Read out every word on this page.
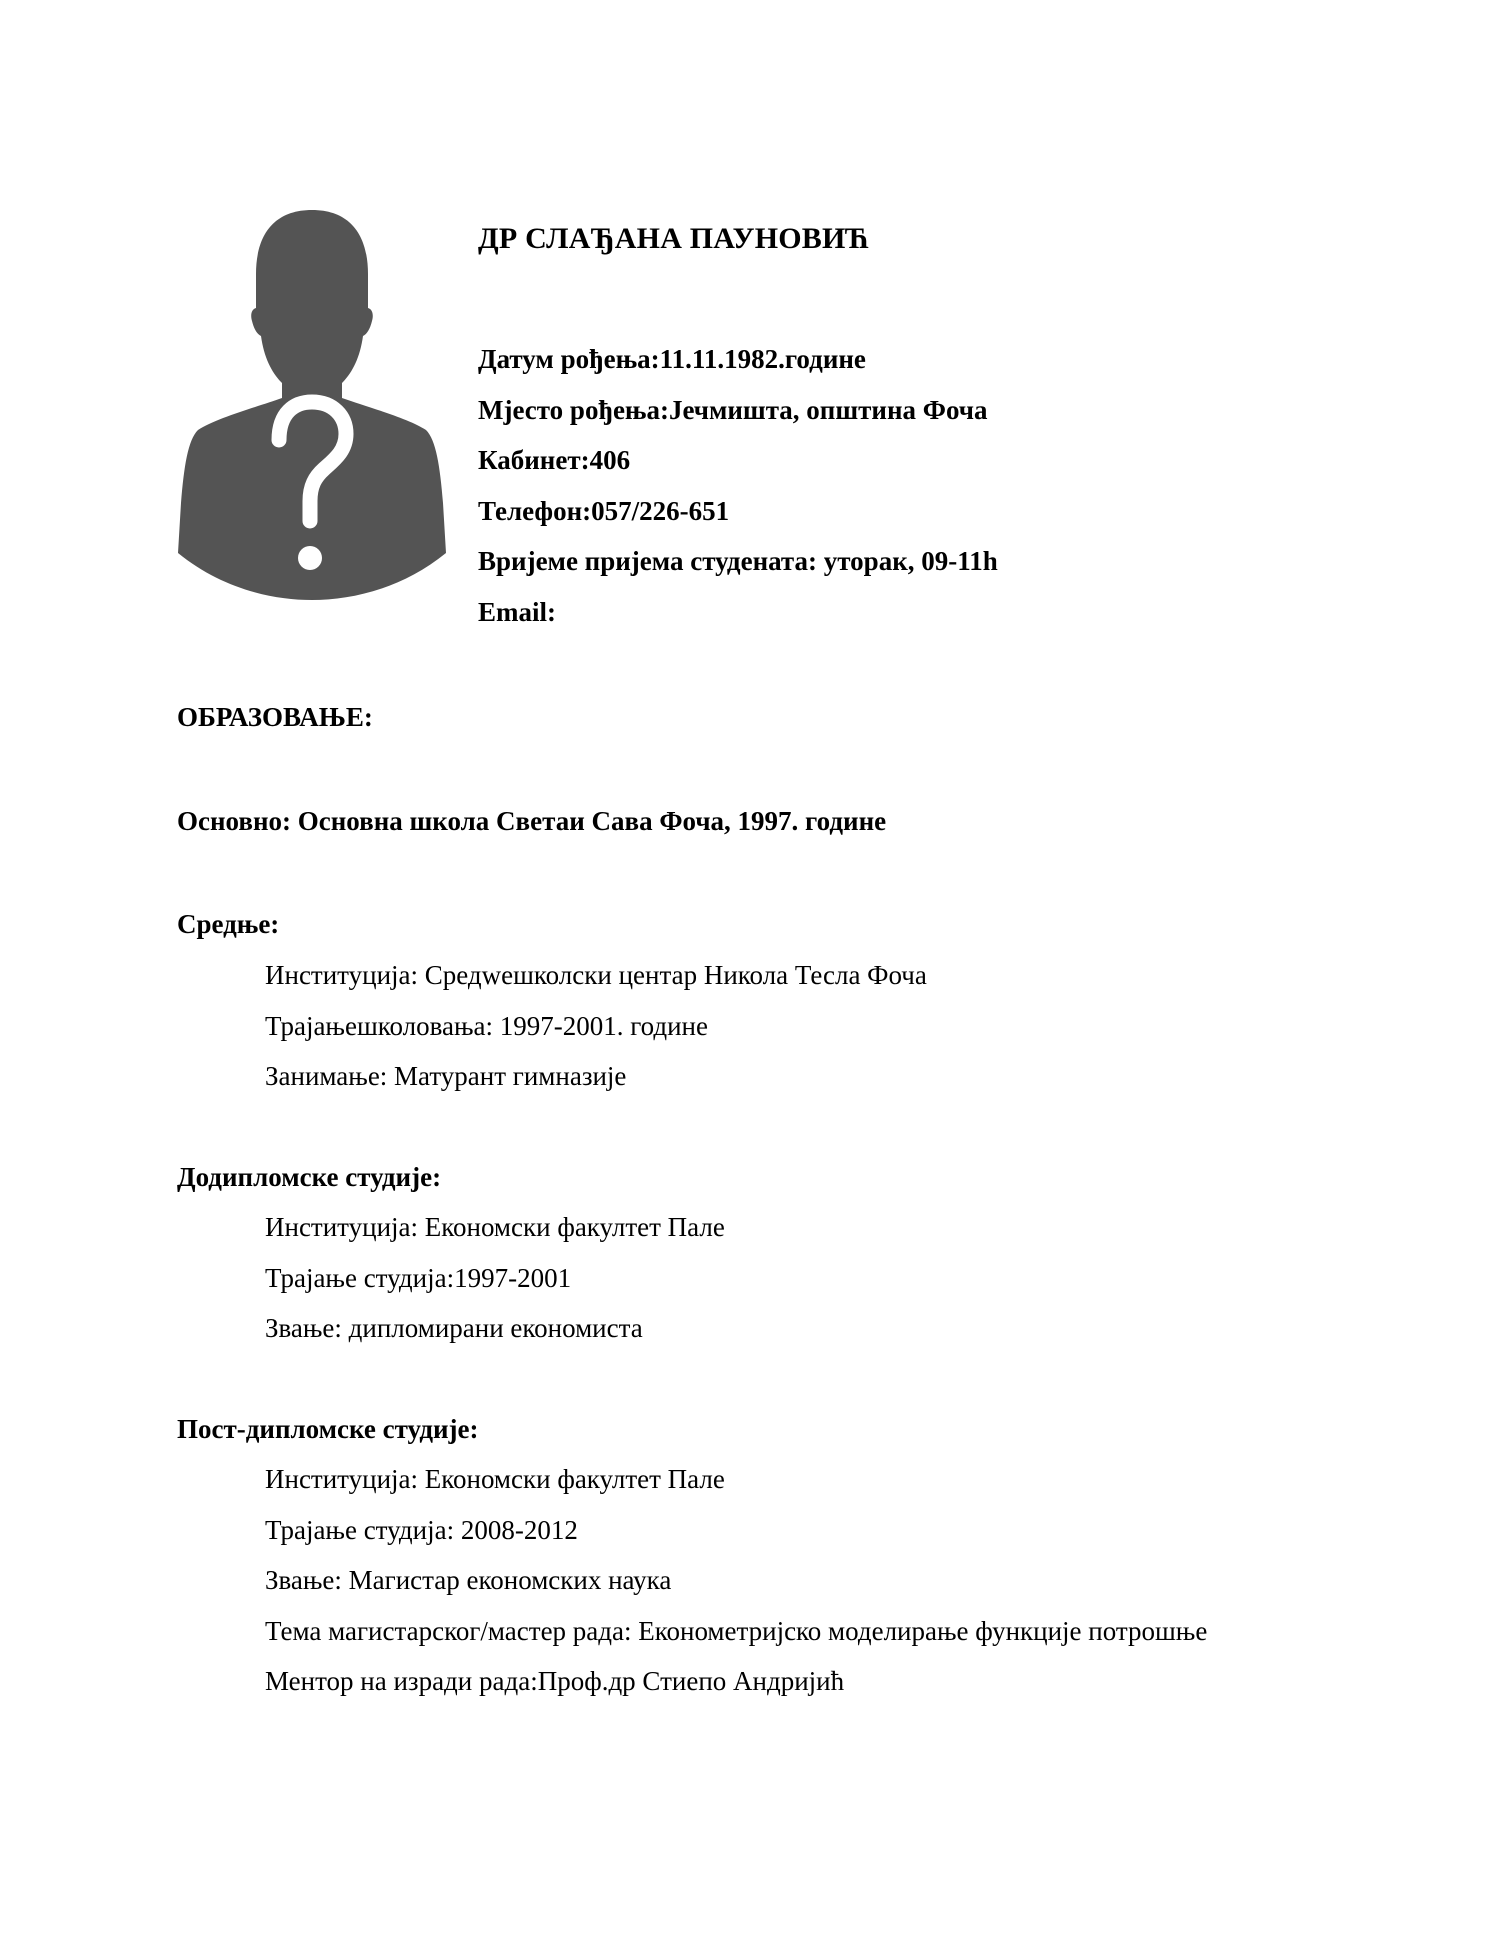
ДР СЛАЂАНА ПАУНОВИЋ
Датум рођења:11.11.1982.године
Мјесто рођења:Јечмишта, општина Фоча
Кабинет:406
Телефон:057/226-651
Вријеме пријема студената: уторак, 09-11h
Email:
ОБРАЗОВАЊЕ:
Основно: Основна школа Светаи Сава Фоча, 1997. године
Средње:
Институција: Средwешколски центар Никола Тесла Фоча
Трајањешколовања: 1997-2001. године
Занимање: Матурант гимназије
Додипломске студије:
Институција: Економски факултет Пале
Трајање студија:1997-2001
Звање: дипломирани економиста
Пост-дипломске студије:
Институција: Економски факултет Пале
Трајање студија: 2008-2012
Звање: Магистар економских наука
Тема магистарског/мастер рада: Економетријско моделирање функције потрошње
Ментор на изради рада:Проф.др Стиепо Андријић
